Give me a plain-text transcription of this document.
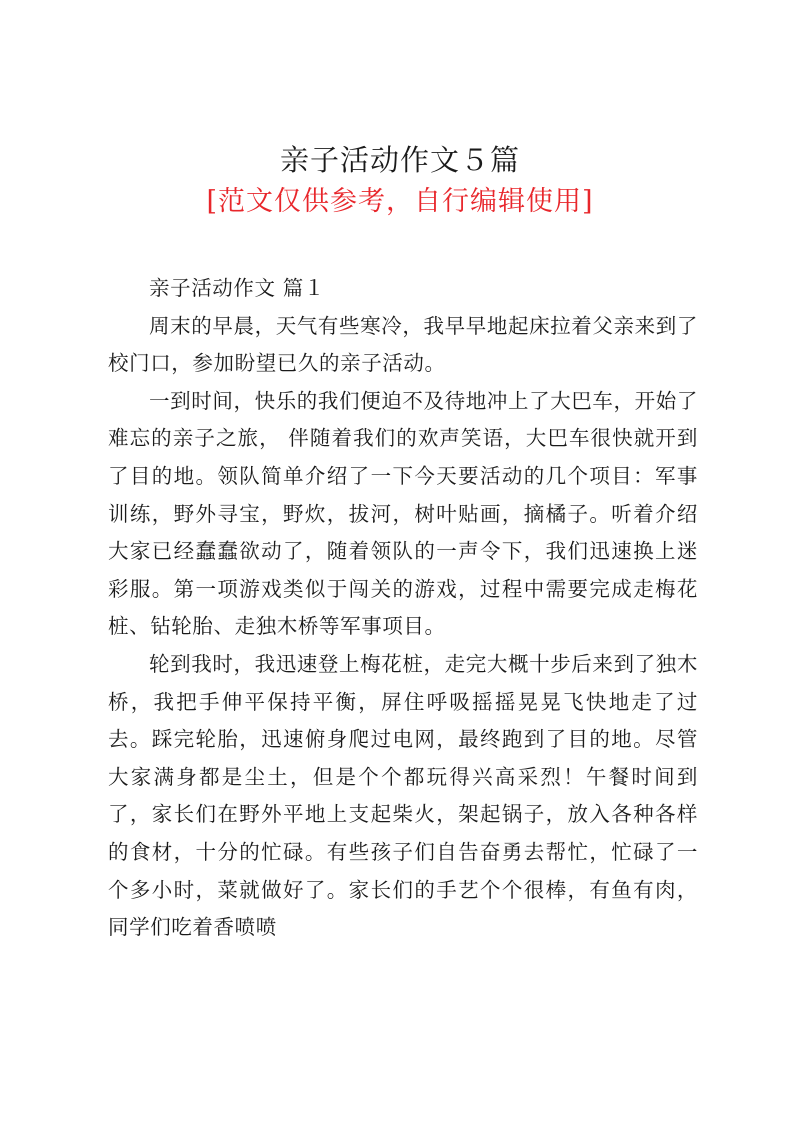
亲子活动作文５篇
[范文仅供参考，自行编辑使用]

亲子活动作文 篇１

周末的早晨，天气有些寒冷，我早早地起床拉着父亲来到了校门口，参加盼望已久的亲子活动。

一到时间，快乐的我们便迫不及待地冲上了大巴车，开始了难忘的亲子之旅， 伴随着我们的欢声笑语，大巴车很快就开到了目的地。领队简单介绍了一下今天要活动的几个项目：军事训练，野外寻宝，野炊，拔河，树叶贴画，摘橘子。听着介绍大家已经蠢蠢欲动了，随着领队的一声令下，我们迅速换上迷彩服。第一项游戏类似于闯关的游戏，过程中需要完成走梅花桩、钻轮胎、走独木桥等军事项目。

轮到我时，我迅速登上梅花桩，走完大概十步后来到了独木桥，我把手伸平保持平衡，屏住呼吸摇摇晃晃飞快地走了过去。踩完轮胎，迅速俯身爬过电网，最终跑到了目的地。尽管大家满身都是尘土，但是个个都玩得兴高采烈！午餐时间到了，家长们在野外平地上支起柴火，架起锅子，放入各种各样的食材，十分的忙碌。有些孩子们自告奋勇去帮忙，忙碌了一个多小时，菜就做好了。家长们的手艺个个很棒，有鱼有肉，同学们吃着香喷喷
